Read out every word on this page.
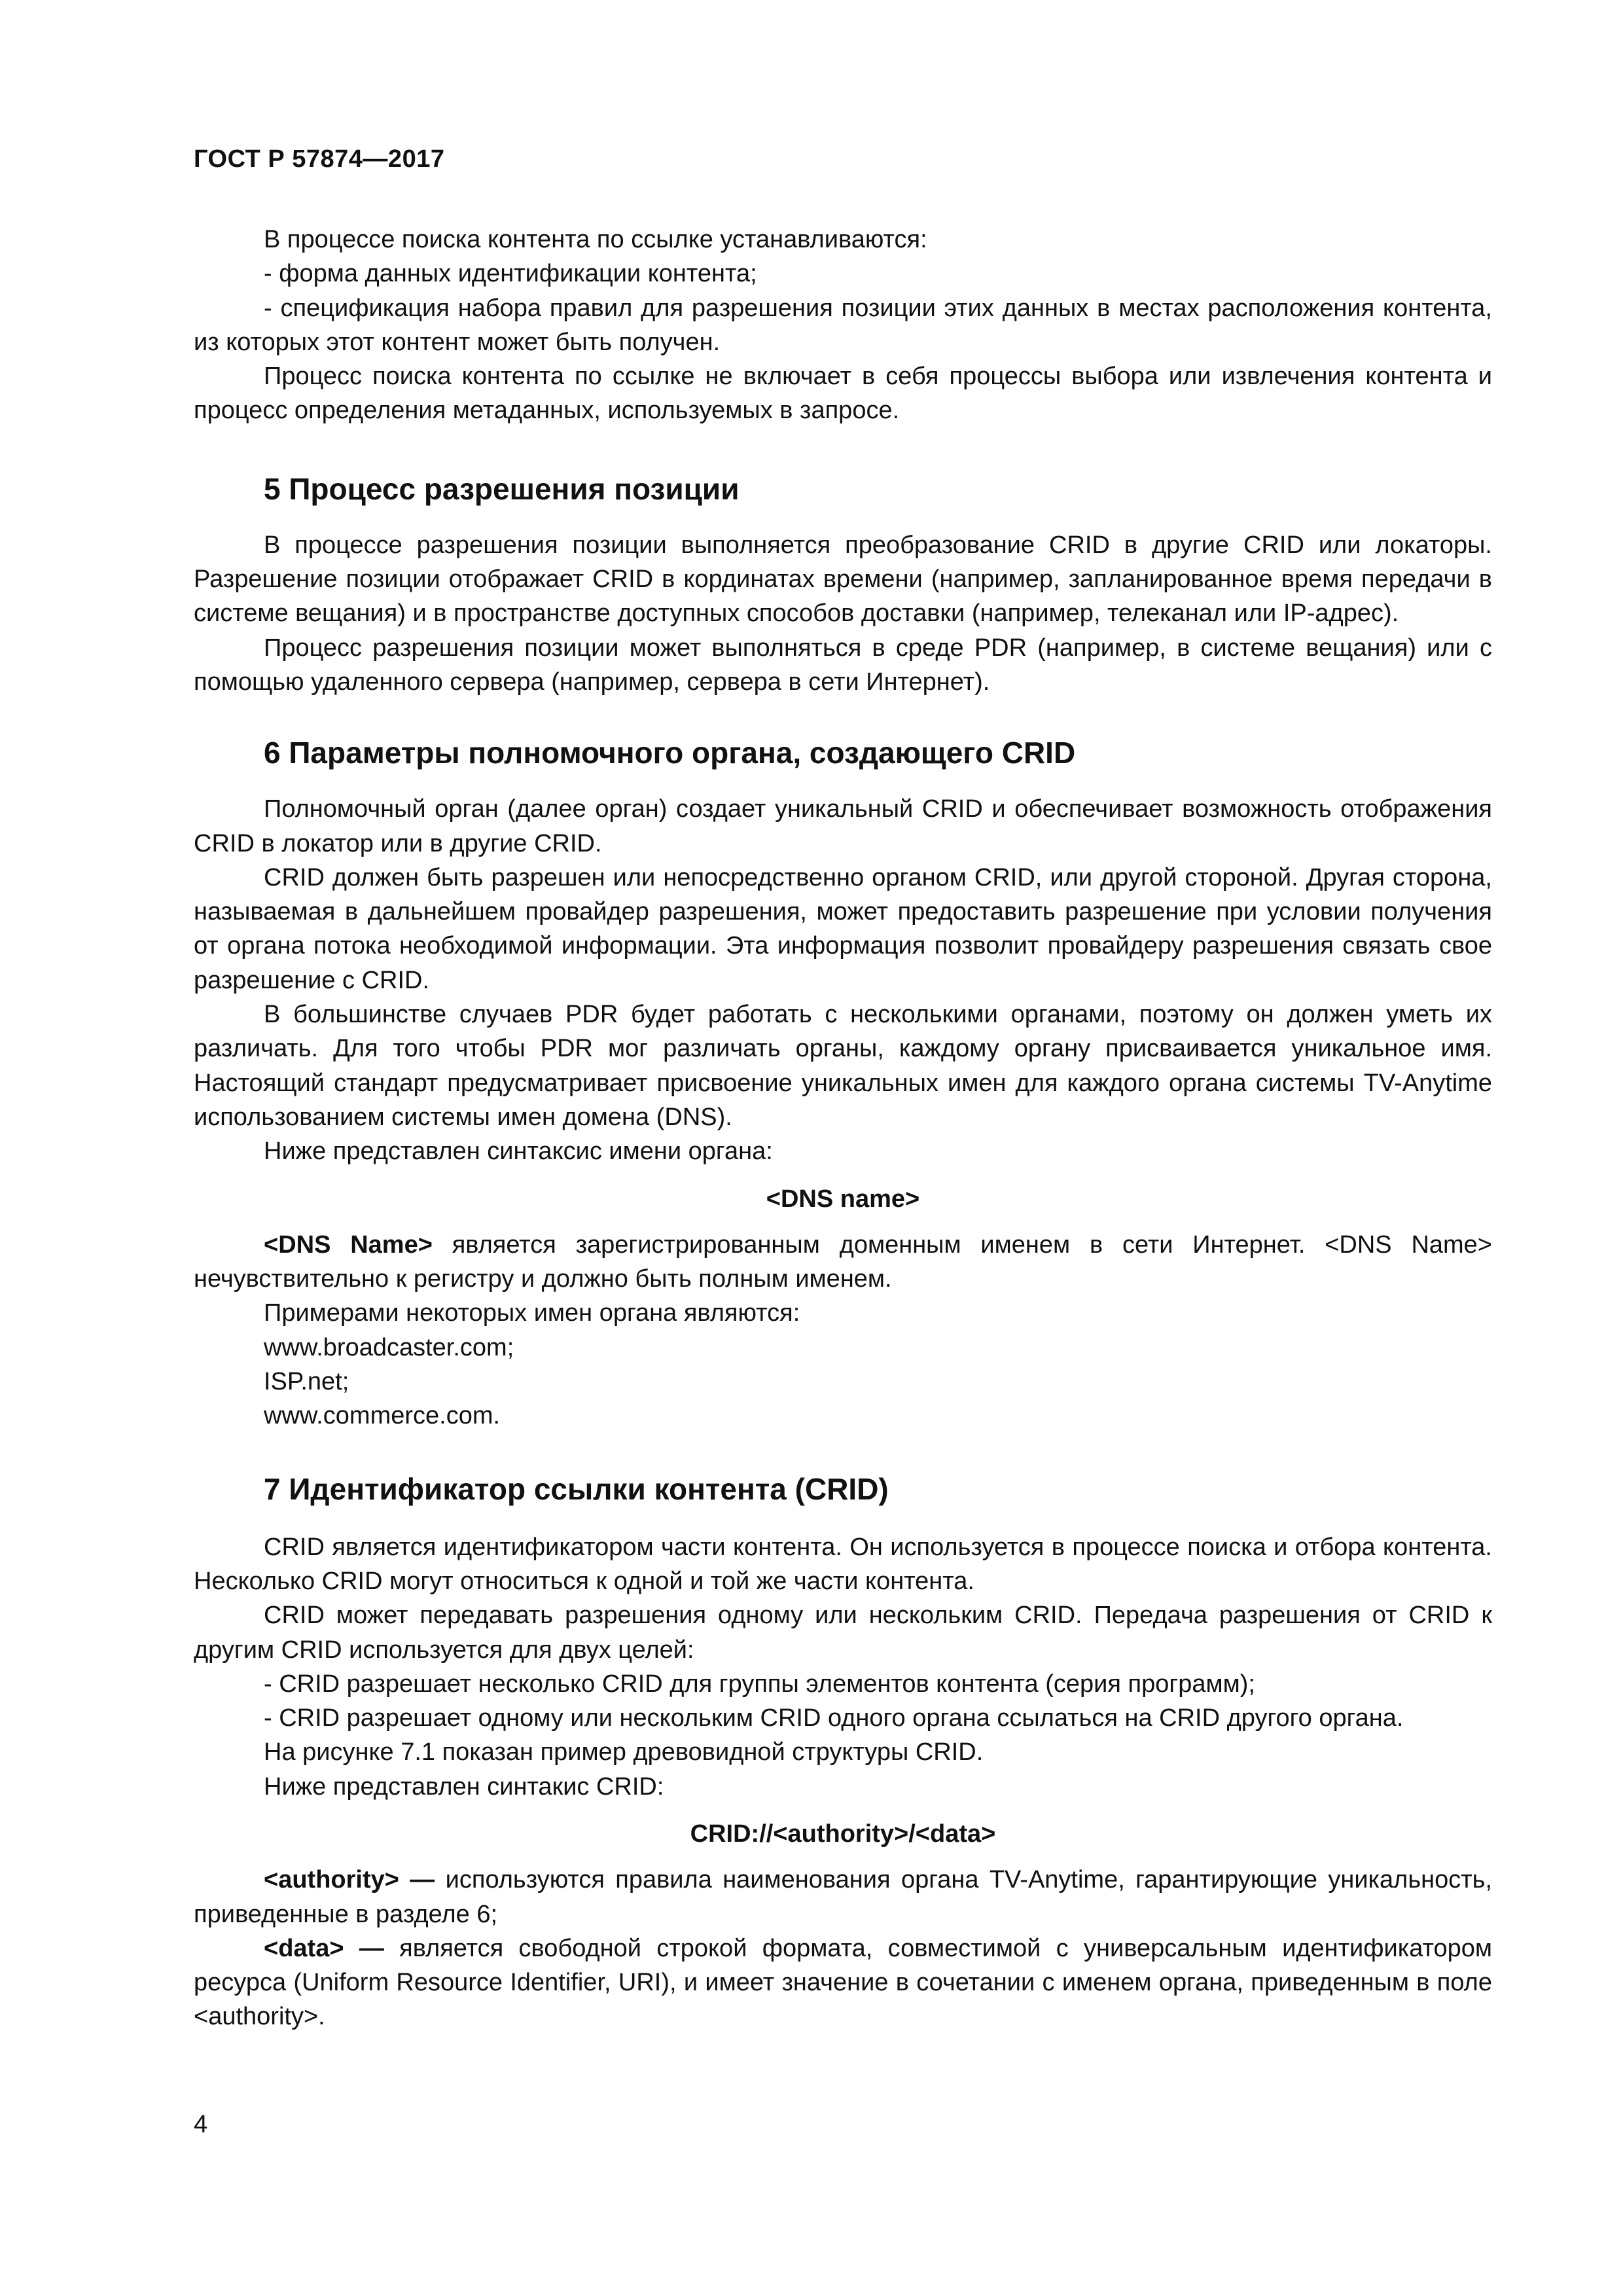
ГОСТ Р 57874—2017

В процессе поиска контента по ссылке устанавливаются:

- форма данных идентификации контента;

- спецификация набора правил для разрешения позиции этих данных в местах расположения контента, из которых этот контент может быть получен.

Процесс поиска контента по ссылке не включает в себя процессы выбора или извлечения контента и процесс определения метаданных, используемых в запросе.

5 Процесс разрешения позиции

В процессе разрешения позиции выполняется преобразование CRID в другие CRID или локаторы. Разрешение позиции отображает CRID в кординатах времени (например, запланированное время передачи в системе вещания) и в пространстве доступных способов доставки (например, телеканал или IP-адрес).

Процесс разрешения позиции может выполняться в среде PDR (например, в системе вещания) или с помощью удаленного сервера (например, сервера в сети Интернет).

6 Параметры полномочного органа, создающего CRID

Полномочный орган (далее орган) создает уникальный CRID и обеспечивает возможность отображения CRID в локатор или в другие CRID.

CRID должен быть разрешен или непосредственно органом CRID, или другой стороной. Другая сторона, называемая в дальнейшем провайдер разрешения, может предоставить разрешение при условии получения от органа потока необходимой информации. Эта информация позволит провайдеру разрешения связать свое разрешение с CRID.

В большинстве случаев PDR будет работать с несколькими органами, поэтому он должен уметь их различать. Для того чтобы PDR мог различать органы, каждому органу присваивается уникальное имя. Настоящий стандарт предусматривает присвоение уникальных имен для каждого органа системы TV-Anytime использованием системы имен домена (DNS).

Ниже представлен синтаксис имени органа:

<DNS name>

<DNS Name> является зарегистрированным доменным именем в сети Интернет. <DNS Name> нечувствительно к регистру и должно быть полным именем.

Примерами некоторых имен органа являются:

www.broadcaster.com;

ISP.net;

www.commerce.com.

7 Идентификатор ссылки контента (CRID)

CRID является идентификатором части контента. Он используется в процессе поиска и отбора контента. Несколько CRID могут относиться к одной и той же части контента.

CRID может передавать разрешения одному или нескольким CRID. Передача разрешения от CRID к другим CRID используется для двух целей:

- CRID разрешает несколько CRID для группы элементов контента (серия программ);

- CRID разрешает одному или нескольким CRID одного органа ссылаться на CRID другого органа.

На рисунке 7.1 показан пример древовидной структуры CRID.

Ниже представлен синтакис CRID:

CRID://<authority>/<data>

<authority> — используются правила наименования органа TV-Anytime, гарантирующие уникальность, приведенные в разделе 6;

<data> — является свободной строкой формата, совместимой с универсальным идентификатором ресурса (Uniform Resource Identifier, URI), и имеет значение в сочетании с именем органа, приведенным в поле <authority>.

4
